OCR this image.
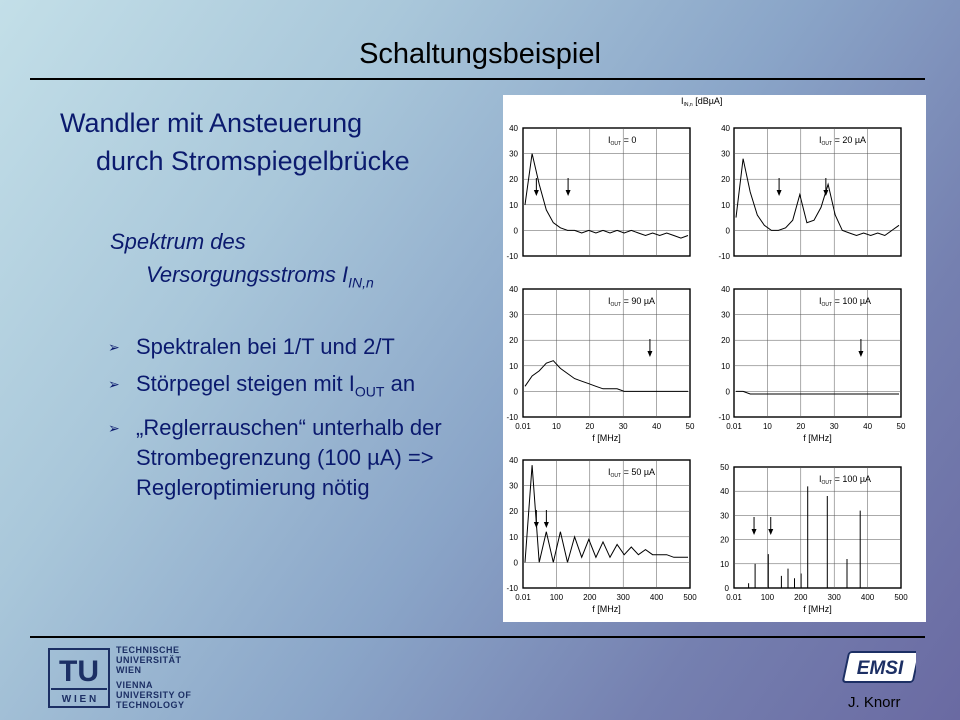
Schaltungsbeispiel
Wandler mit Ansteuerung
durch Stromspiegelbrücke
Spektrum des
Versorgungsstroms $I_{IN,n}$
➢ Spektralen bei 1/T und 2/T
➢ Störpegel steigen mit $I_{OUT}$ an
➢ „Reglerrauschen“ unterhalb der Strombegrenzung (100 µA) => Regleroptimierung nötig
$I_{IN,n}$ [dBµA]
40
30
20
10
0
-10
$I_{OUT} = 0$
40
30
20
10
0
-10
$I_{OUT} = 20$ µA
40
30
20
10
0
-10
0.01	10	20	30	40	50
f [MHz]
$I_{OUT} = 90$ µA
40
30
20
10
0
-10
0.01	10	20	30	40	50
f [MHz]
$I_{OUT} = 100$ µA
40
30
20
10
0
-10
0.01 100	200	300	400	500
f [MHz]
$I_{OUT} = 50$ µA	50
40
30
20
10
0
0.01 100	200	300	400	500
f [MHz]
$I_{OUT} = 100$ µA
TU
W I E N
TECHNISCHE
UNIVERSITÄT
WIEN
VIENNA
UNIVERSITY OF
TECHNOLOGY
EMSI
J. Knorr
